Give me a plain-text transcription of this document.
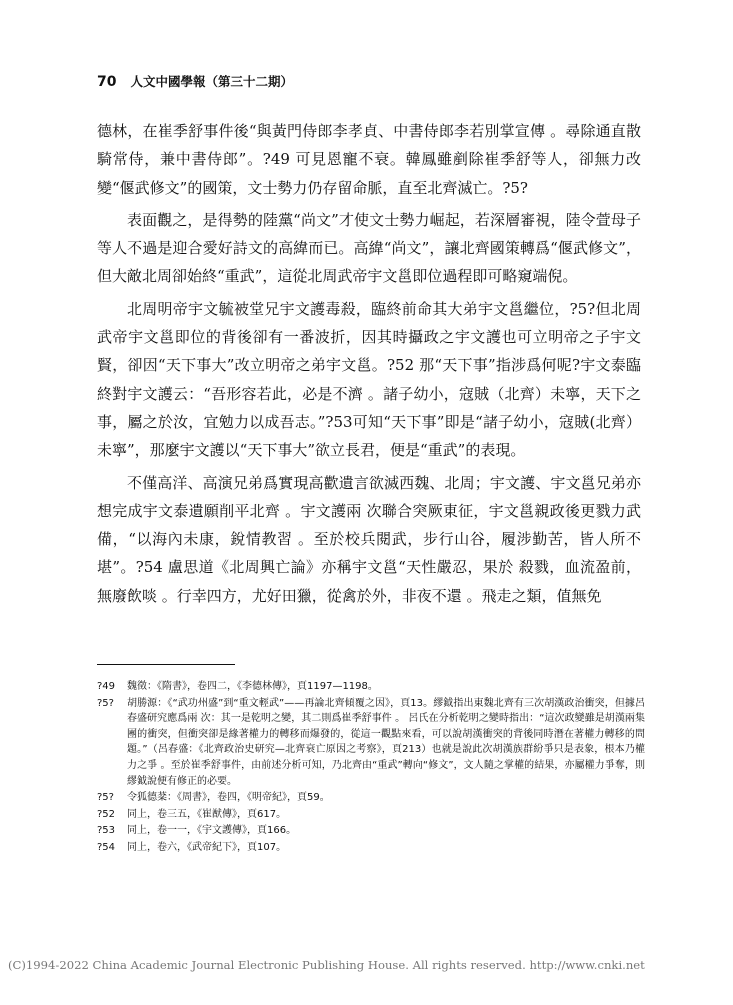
70 人文中國學報（第三十二期）

德林，在崔季舒事件後“與黃門侍郎李孝貞、中書侍郎李若別掌宣傳 。尋除通直散騎常侍，兼中書侍郎”。?49 可見恩寵不衰。韓鳳雖剷除崔季舒等人，卻無力改變“偃武修文”的國策，文士勢力仍存留命脈，直至北齊滅亡。?5?

表面觀之，是得勢的陸黨“尚文”才使文士勢力崛起，若深層審視，陸令萱母子等人不過是迎合愛好詩文的高緯而已。高緯“尚文”，讓北齊國策轉爲“偃武修文”，但大敵北周卻始終“重武”，這從北周武帝宇文邕即位過程即可略窺端倪。

北周明帝宇文毓被堂兄宇文護毒殺，臨終前命其大弟宇文邕繼位，?5?但北周武帝宇文邕即位的背後卻有一番波折，因其時攝政之宇文護也可立明帝之子宇文賢，卻因“天下事大”改立明帝之弟宇文邕。?52 那“天下事”指涉爲何呢?宇文泰臨終對宇文護云：“吾形容若此，必是不濟 。諸子幼小，寇賊（北齊）未寧，天下之事，屬之於汝，宜勉力以成吾志。”?53可知“天下事”即是“諸子幼小，寇賊(北齊）未寧”，那麼宇文護以“天下事大”欲立長君，便是“重武”的表現。

不僅高洋、高演兄弟爲實現高歡遺言欲滅西魏、北周；宇文護、宇文邕兄弟亦想完成宇文泰遺願削平北齊 。宇文護兩 次聯合突厥東征，宇文邕親政後更戮力武備，“以海內未康，銳情教習 。至於校兵閱武，步行山谷，履涉勤苦，皆人所不堪”。?54 盧思道《北周興亡論》亦稱宇文邕“天性嚴忍，果於 殺戮，血流盈前，無廢飲啖 。行幸四方，尤好田獵，從禽於外，非夜不還 。飛走之類，值無免

?49	魏徵：《隋書》，卷四二，《李德林傳》，頁1197—1198。
?5?	胡勝源：《“武功州盛”到“重文輕武”——再論北齊傾覆之因》，頁13。繆鉞指出東魏北齊有三次胡漢政治衝突，但據呂春盛研究應爲兩 次：其一是乾明之變，其二則爲崔季舒事件 。 呂氏在分析乾明之變時指出：“這次政變雖是胡漢兩集團的衝突，但衝突卻是緣著權力的轉移而爆發的，從這一觀點來看，可以說胡漢衝突的背後同時潛在著權力轉移的問題。”（呂春盛：《北齊政治史研究—北齊衰亡原因之考察》，頁213）也就是說此次胡漢族群紛爭只是表象，根本乃權力之爭 。至於崔季舒事件，由前述分析可知，乃北齊由“重武”轉向“修文”，文人隨之掌權的結果，亦屬權力爭奪，則繆鉞說便有修正的必要。
?5?	令狐德棻：《周書》，卷四，《明帝紀》，頁59。
?52	同上，卷三五，《崔猷傳》，頁617。
?53	同上，卷一一，《宇文護傳》，頁166。
?54	同上，卷六，《武帝紀下》，頁107。
(C)1994-2022 China Academic Journal Electronic Publishing House. All rights reserved. http://www.cnki.net
